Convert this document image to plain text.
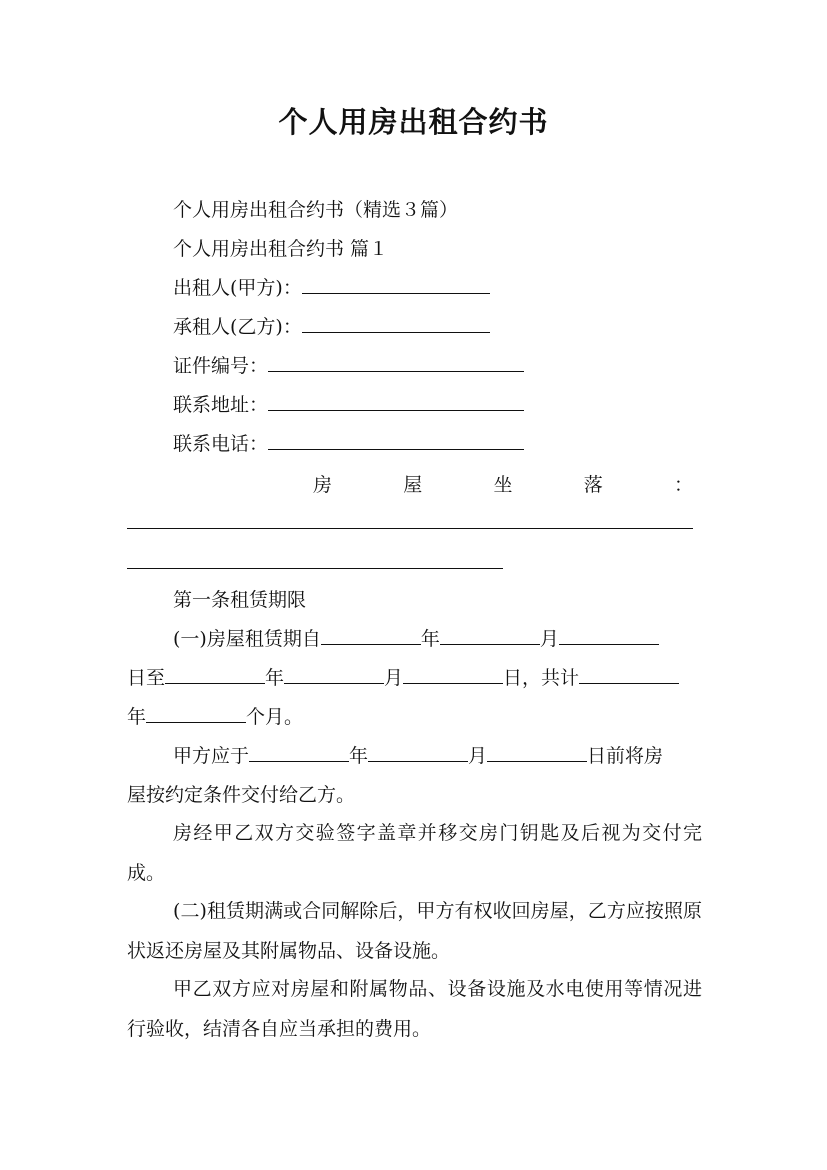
个人用房出租合约书
个人用房出租合约书（精选３篇）
个人用房出租合约书 篇１
出租人(甲方)：
承租人(乙方)：
证件编号：
联系地址：
联系电话：
房	屋	坐	落	：
第一条租赁期限
(一)房屋租赁期自	年	月
日至	年	月	日，共计
年	个月。
甲方应于	年	月	日前将房
屋按约定条件交付给乙方。
房经甲乙双方交验签字盖章并移交房门钥匙及后视为交付完成。
(二)租赁期满或合同解除后，甲方有权收回房屋，乙方应按照原状返还房屋及其附属物品、设备设施。
甲乙双方应对房屋和附属物品、设备设施及水电使用等情况进行验收，结清各自应当承担的费用。
